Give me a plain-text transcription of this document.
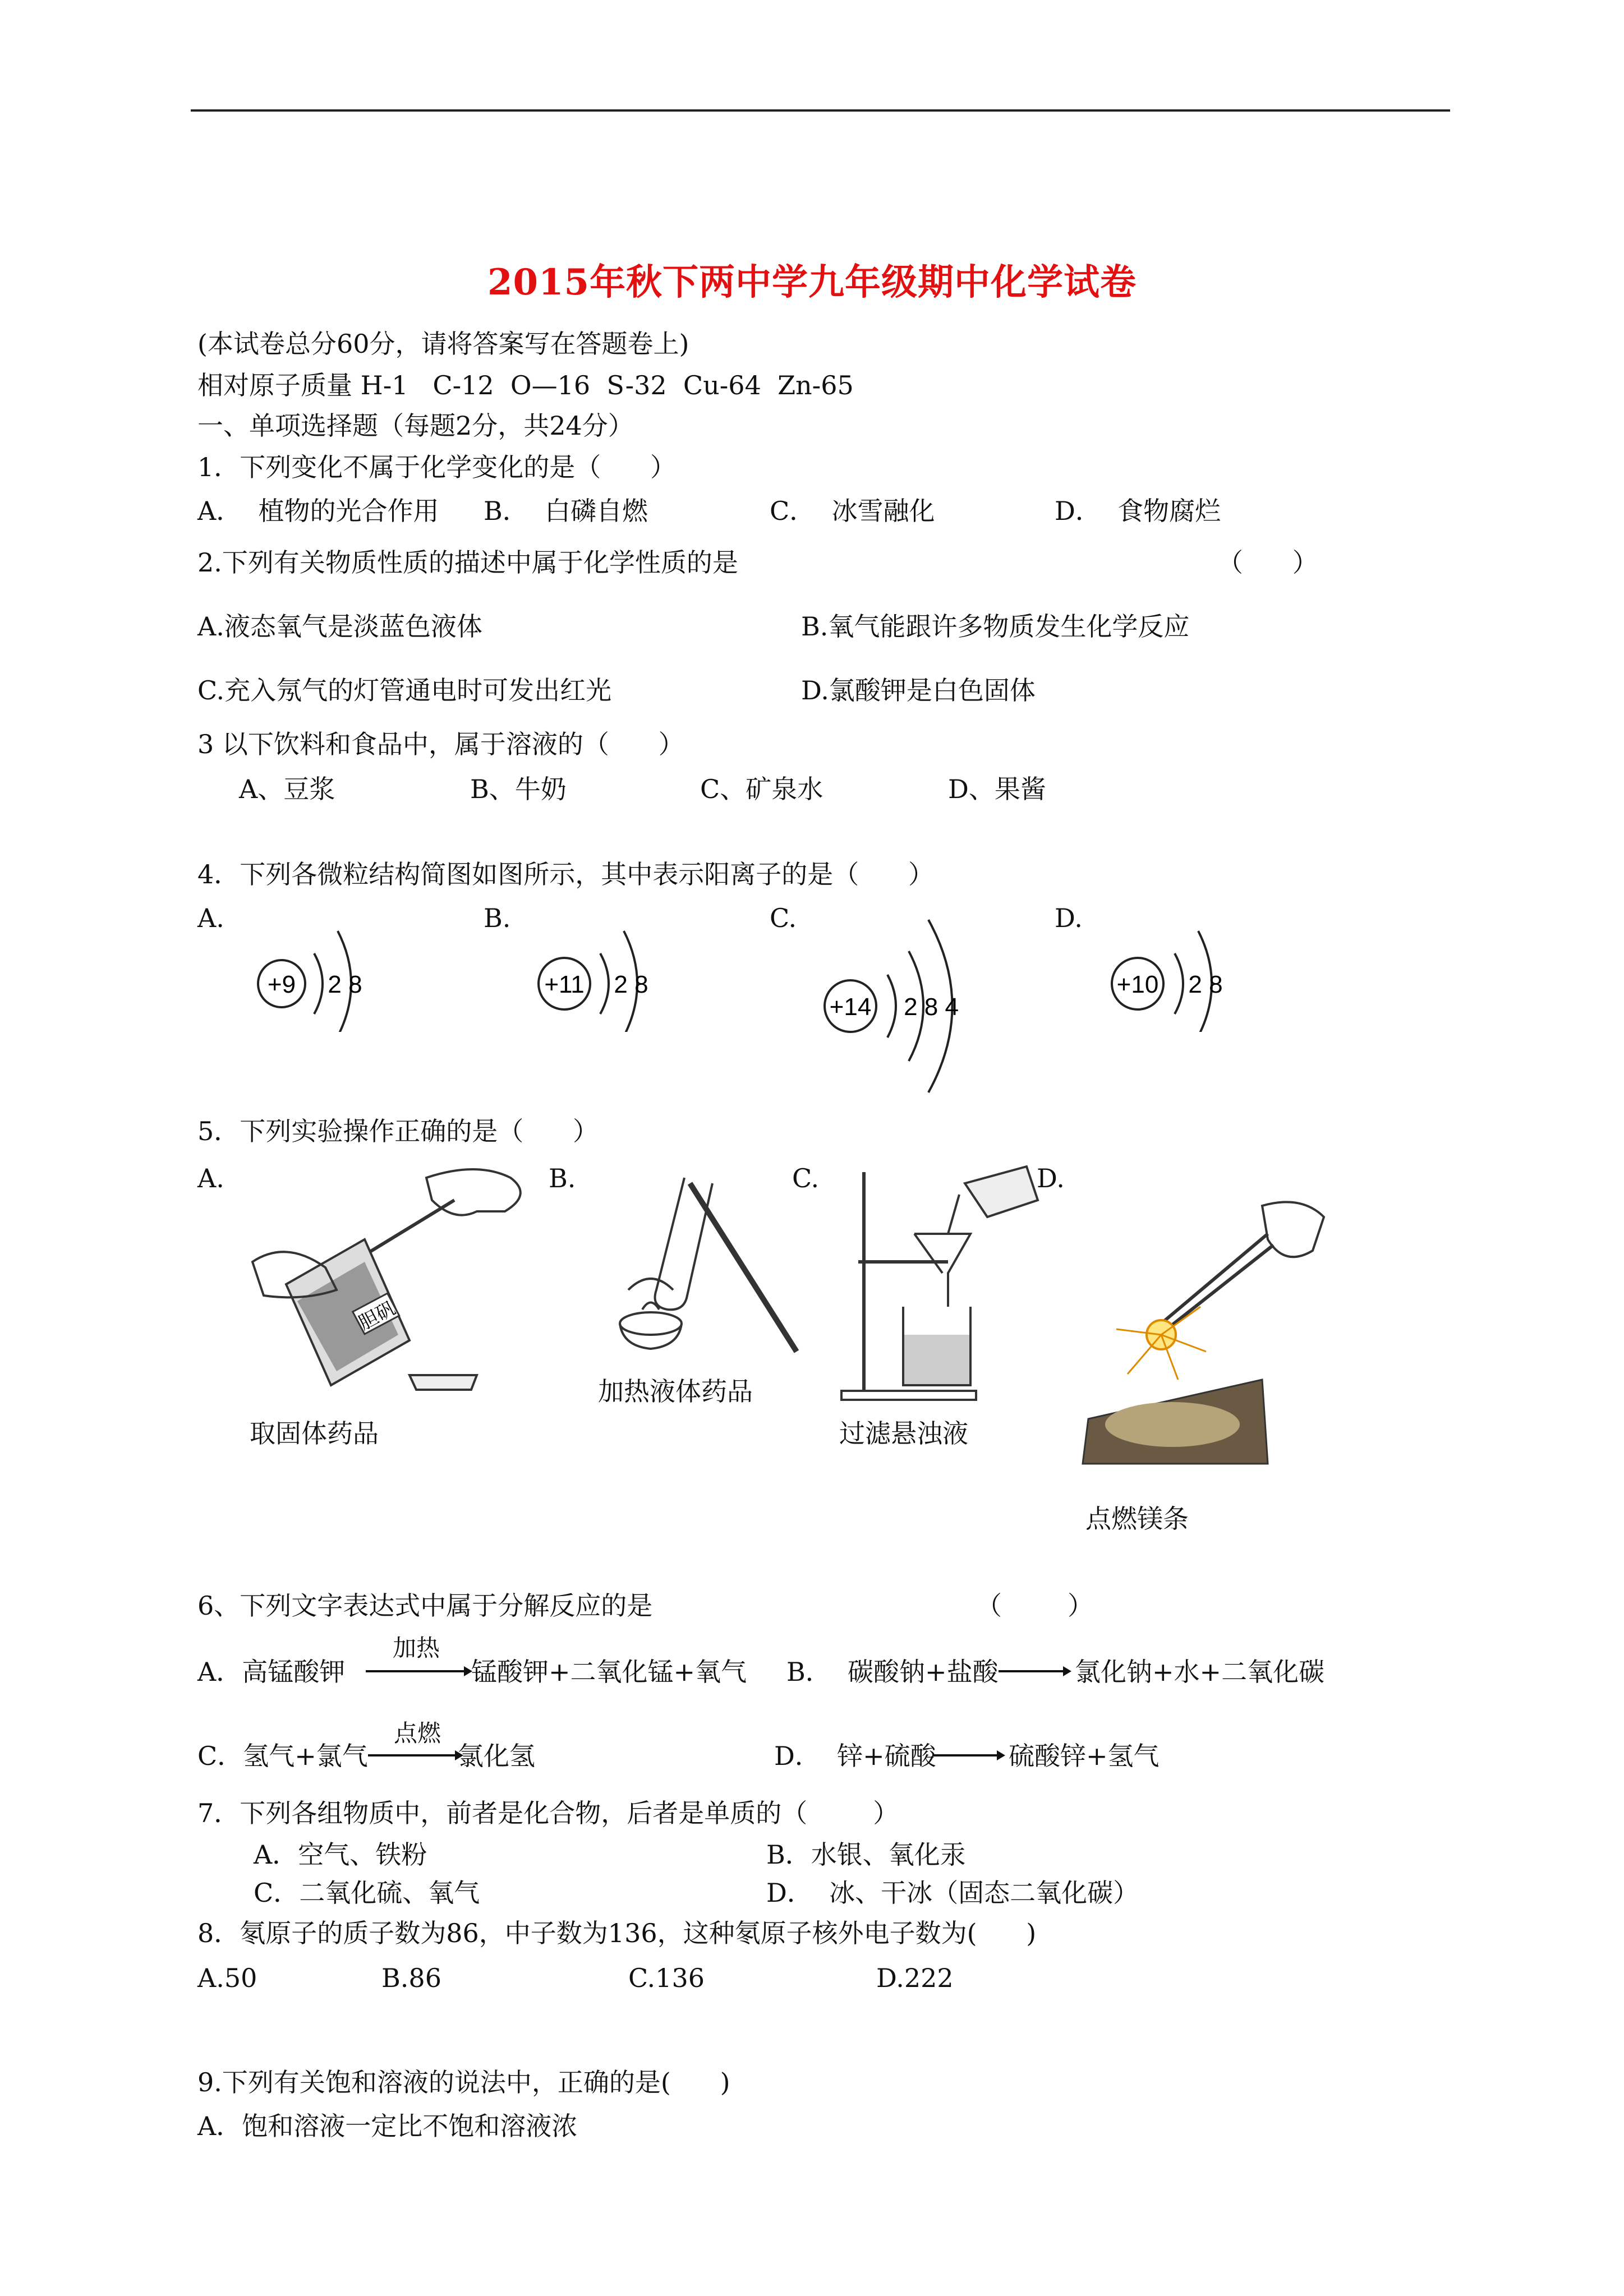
2015年秋下两中学九年级期中化学试卷
(本试卷总分60分，请将答案写在答题卷上)
相对原子质量 H-1   C-12  O—16  S-32  Cu-64  Zn-65
一、单项选择题（每题2分，共24分）
1．下列变化不属于化学变化的是（      ）
A．  植物的光合作用 B．  白磷自燃	C．  冰雪融化	D．  食物腐烂
2.下列有关物质性质的描述中属于化学性质的是	（      ）
A.液态氧气是淡蓝色液体	B.氧气能跟许多物质发生化学反应
C.充入氖气的灯管通电时可发出红光	D.氯酸钾是白色固体
3 以下饮料和食品中，属于溶液的（      ）
A、豆浆	B、牛奶	C、矿泉水	D、果酱
4．下列各微粒结构简图如图所示，其中表示阳离子的是（      ）
A.	B.	C.	D.
+9 2 8	+11 2 8
+14 2 8 4
+10 2 8
5．下列实验操作正确的是（      ）
A.	B.	C.	D.
胆矾
取固体药品
加热液体药品
过滤悬浊液
点燃镁条
6、下列文字表达式中属于分解反应的是	（        ）
A．高锰酸钾
加热
锰酸钾+二氧化锰+氧气 B．  碳酸钠+盐酸	氯化钠+水+二氧化碳
C．氢气+氯气
点燃
氯化氢	D．  锌+硫酸	硫酸锌+氢气
7．下列各组物质中，前者是化合物，后者是单质的（        ）
A．空气、铁粉	B．水银、氧化汞
C．二氧化硫、氧气	D．  冰、干冰（固态二氧化碳）
8．氡原子的质子数为86，中子数为136，这种氡原子核外电子数为(      )
A.50	B.86	C.136	D.222
9.下列有关饱和溶液的说法中，正确的是(      )
A．饱和溶液一定比不饱和溶液浓
